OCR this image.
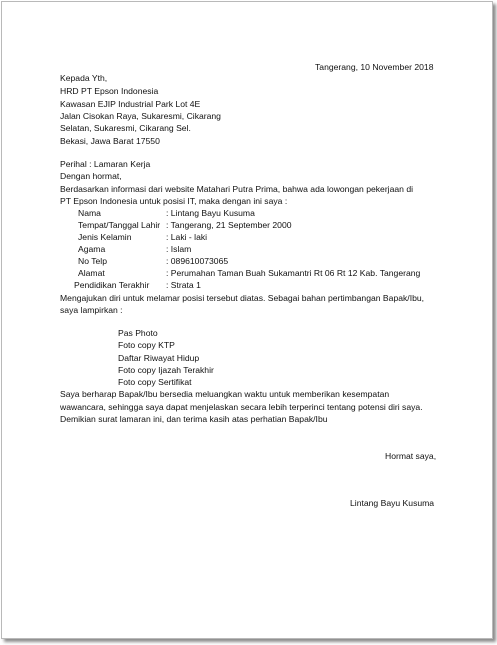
Tangerang, 10 November 2018
Kepada Yth,
HRD PT Epson Indonesia
Kawasan EJIP Industrial Park Lot 4E
Jalan Cisokan Raya, Sukaresmi, Cikarang
Selatan, Sukaresmi, Cikarang Sel.
Bekasi, Jawa Barat 17550
Perihal : Lamaran Kerja
Dengan hormat,
Berdasarkan informasi dari website Matahari Putra Prima, bahwa ada lowongan pekerjaan di
PT Epson Indonesia untuk posisi IT, maka dengan ini saya :
Nama	: Lintang Bayu Kusuma
Tempat/Tanggal Lahir : Tangerang, 21 September 2000
Jenis Kelamin	: Laki - laki
Agama	: Islam
No Telp	: 089610073065
Alamat	: Perumahan Taman Buah Sukamantri Rt 06 Rt 12 Kab. Tangerang
Pendidikan Terakhir : Strata 1
Mengajukan diri untuk melamar posisi tersebut diatas. Sebagai bahan pertimbangan Bapak/Ibu,
saya lampirkan :
Pas Photo
Foto copy KTP
Daftar Riwayat Hidup
Foto copy Ijazah Terakhir
Foto copy Sertifikat
Saya berharap Bapak/Ibu bersedia meluangkan waktu untuk memberikan kesempatan
wawancara, sehingga saya dapat menjelaskan secara lebih terperinci tentang potensi diri saya.
Demikian surat lamaran ini, dan terima kasih atas perhatian Bapak/Ibu
Hormat saya,
Lintang Bayu Kusuma
